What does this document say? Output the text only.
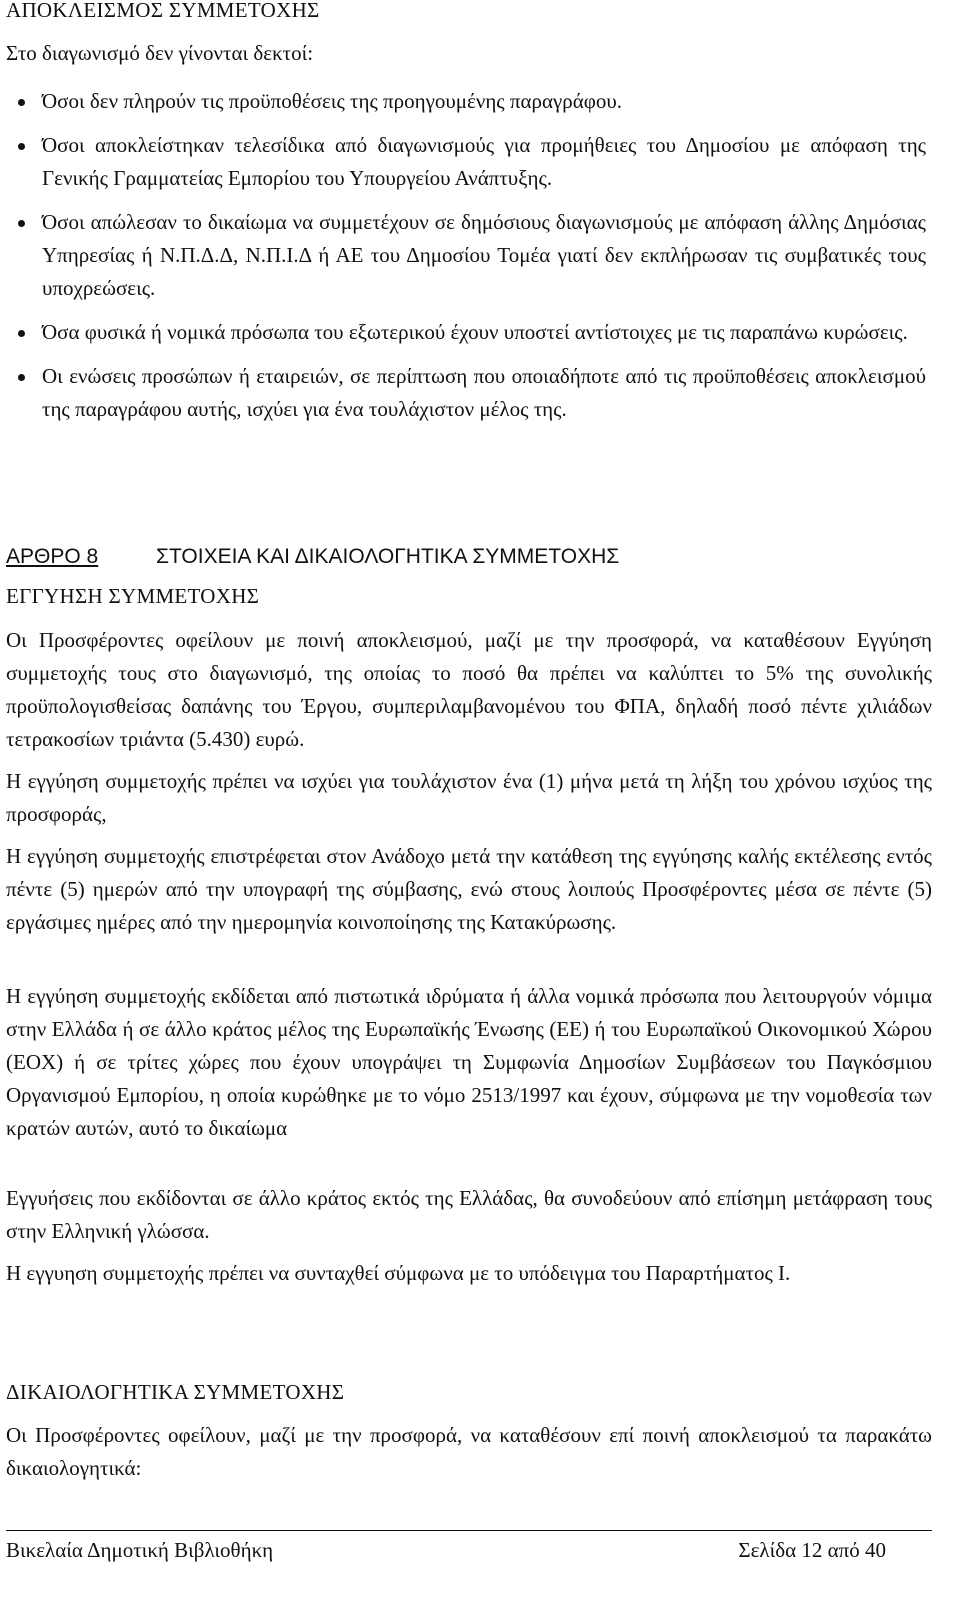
ΑΠΟΚΛΕΙΣΜΟΣ ΣΥΜΜΕΤΟΧΗΣ
Στο διαγωνισμό δεν γίνονται δεκτοί:
Όσοι δεν πληρούν τις προϋποθέσεις της προηγουμένης παραγράφου.
Όσοι αποκλείστηκαν τελεσίδικα από διαγωνισμούς για προμήθειες του Δημοσίου με απόφαση της Γενικής Γραμματείας Εμπορίου του Υπουργείου Ανάπτυξης.
Όσοι απώλεσαν το δικαίωμα να συμμετέχουν σε δημόσιους διαγωνισμούς με απόφαση άλλης Δημόσιας Υπηρεσίας ή Ν.Π.Δ.Δ, Ν.Π.Ι.Δ ή ΑΕ του Δημοσίου Τομέα γιατί δεν εκπλήρωσαν τις συμβατικές τους υποχρεώσεις.
Όσα φυσικά ή νομικά πρόσωπα του εξωτερικού έχουν υποστεί αντίστοιχες με τις παραπάνω κυρώσεις.
Οι ενώσεις προσώπων ή εταιρειών, σε περίπτωση που οποιαδήποτε από τις προϋποθέσεις αποκλεισμού της παραγράφου αυτής, ισχύει για ένα τουλάχιστον μέλος της.
ΑΡΘΡΟ 8	ΣΤΟΙΧΕΙΑ ΚΑΙ ΔΙΚΑΙΟΛΟΓΗΤΙΚΑ ΣΥΜΜΕΤΟΧΗΣ
ΕΓΓΥΗΣΗ ΣΥΜΜΕΤΟΧΗΣ
Οι Προσφέροντες οφείλουν με ποινή αποκλεισμού, μαζί με την προσφορά, να καταθέσουν Εγγύηση συμμετοχής τους στο διαγωνισμό, της οποίας το ποσό θα πρέπει να καλύπτει το 5% της συνολικής προϋπολογισθείσας δαπάνης του Έργου, συμπεριλαμβανομένου του ΦΠΑ, δηλαδή ποσό πέντε χιλιάδων τετρακοσίων τριάντα (5.430) ευρώ.
Η εγγύηση συμμετοχής πρέπει να ισχύει για τουλάχιστον ένα (1) μήνα μετά τη λήξη του χρόνου ισχύος της προσφοράς,
Η εγγύηση συμμετοχής επιστρέφεται στον Ανάδοχο μετά την κατάθεση της εγγύησης καλής εκτέλεσης εντός πέντε (5) ημερών από την υπογραφή της σύμβασης, ενώ στους λοιπούς Προσφέροντες μέσα σε πέντε (5) εργάσιμες ημέρες από την ημερομηνία κοινοποίησης της Κατακύρωσης.
Η εγγύηση συμμετοχής εκδίδεται από πιστωτικά ιδρύματα ή άλλα νομικά πρόσωπα που λειτουργούν νόμιμα στην Ελλάδα ή σε άλλο κράτος μέλος της Ευρωπαϊκής Ένωσης (ΕΕ) ή του Ευρωπαϊκού Οικονομικού Χώρου (ΕΟΧ) ή σε τρίτες χώρες που έχουν υπογράψει τη Συμφωνία Δημοσίων Συμβάσεων του Παγκόσμιου Οργανισμού Εμπορίου, η οποία κυρώθηκε με το νόμο 2513/1997 και έχουν, σύμφωνα με την νομοθεσία των κρατών αυτών, αυτό το δικαίωμα
Εγγυήσεις που εκδίδονται σε άλλο κράτος εκτός της Ελλάδας, θα συνοδεύουν από επίσημη μετάφραση τους στην Ελληνική γλώσσα.
Η εγγυηση συμμετοχής πρέπει να συνταχθεί σύμφωνα με το υπόδειγμα του Παραρτήματος Ι.
ΔΙΚΑΙΟΛΟΓΗΤΙΚΑ ΣΥΜΜΕΤΟΧΗΣ
Οι Προσφέροντες οφείλουν, μαζί με την προσφορά, να καταθέσουν επί ποινή αποκλεισμού τα παρακάτω δικαιολογητικά:
Βικελαία Δημοτική Βιβλιοθήκη	Σελίδα 12 από 40
